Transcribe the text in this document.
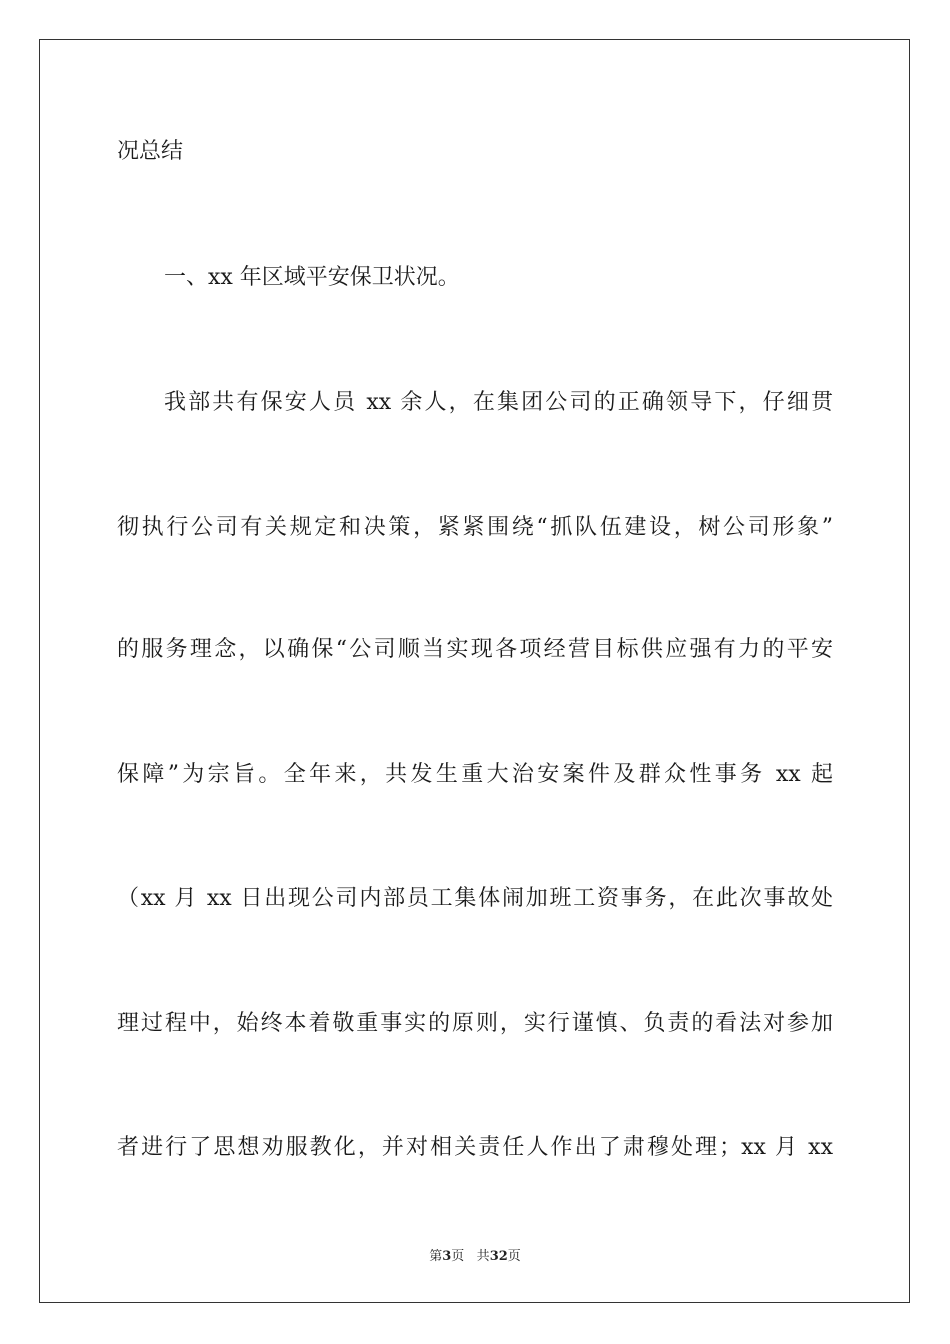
况总结
一、xx 年区域平安保卫状况。
我部共有保安人员 xx 余人，在集团公司的正确领导下，仔细贯
彻执行公司有关规定和决策，紧紧围绕“抓队伍建设，树公司形象”
的服务理念，以确保“公司顺当实现各项经营目标供应强有力的平安
保障”为宗旨。全年来，共发生重大治安案件及群众性事务 xx 起
（xx 月 xx 日出现公司内部员工集体闹加班工资事务，在此次事故处
理过程中，始终本着敬重事实的原则，实行谨慎、负责的看法对参加
者进行了思想劝服教化，并对相关责任人作出了肃穆处理；xx 月 xx
第3页 共32页
